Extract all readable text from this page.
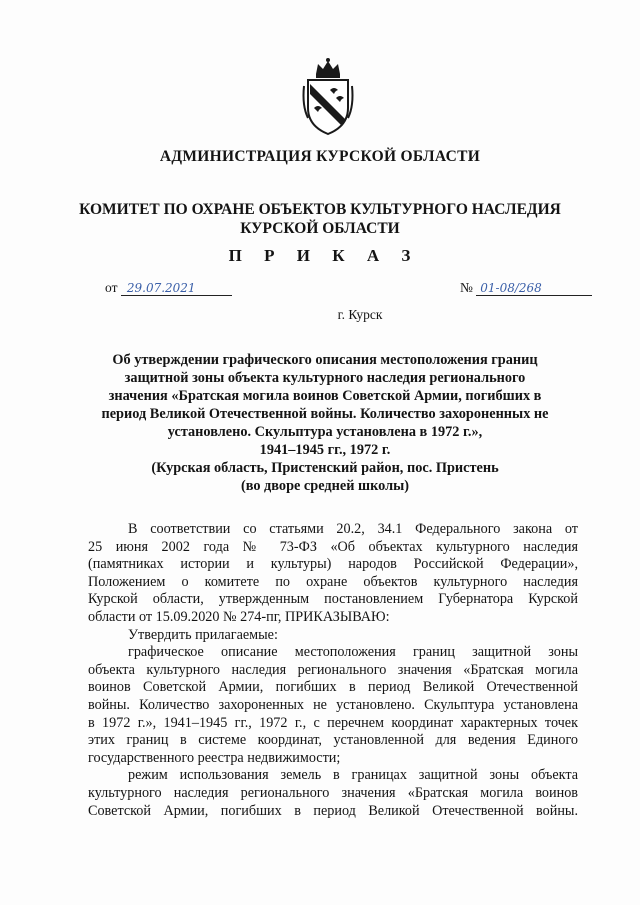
АДМИНИСТРАЦИЯ КУРСКОЙ ОБЛАСТИ
КОМИТЕТ ПО ОХРАНЕ ОБЪЕКТОВ КУЛЬТУРНОГО НАСЛЕДИЯ
КУРСКОЙ ОБЛАСТИ
П Р И К А З
от 29.07.2021	№ 01-08/268
г. Курск
Об утверждении графического описания местоположения границ
защитной зоны объекта культурного наследия регионального
значения «Братская могила воинов Советской Армии, погибших в
период Великой Отечественной войны. Количество захороненных не
установлено. Скульптура установлена в 1972 г.»,
1941–1945 гг., 1972 г.
(Курская область, Пристенский район, пос. Пристень
(во дворе средней школы)
В соответствии со статьями 20.2, 34.1 Федерального закона от
25 июня 2002 года № 73-ФЗ «Об объектах культурного наследия
(памятниках истории и культуры) народов Российской Федерации»,
Положением о комитете по охране объектов культурного наследия
Курской области, утвержденным постановлением Губернатора Курской
области от 15.09.2020 № 274-пг, ПРИКАЗЫВАЮ:
Утвердить прилагаемые:
графическое описание местоположения границ защитной зоны
объекта культурного наследия регионального значения «Братская могила
воинов Советской Армии, погибших в период Великой Отечественной
войны. Количество захороненных не установлено. Скульптура установлена
в 1972 г.», 1941–1945 гг., 1972 г., с перечнем координат характерных точек
этих границ в системе координат, установленной для ведения Единого
государственного реестра недвижимости;
режим использования земель в границах защитной зоны объекта
культурного наследия регионального значения «Братская могила воинов
Советской Армии, погибших в период Великой Отечественной войны.
